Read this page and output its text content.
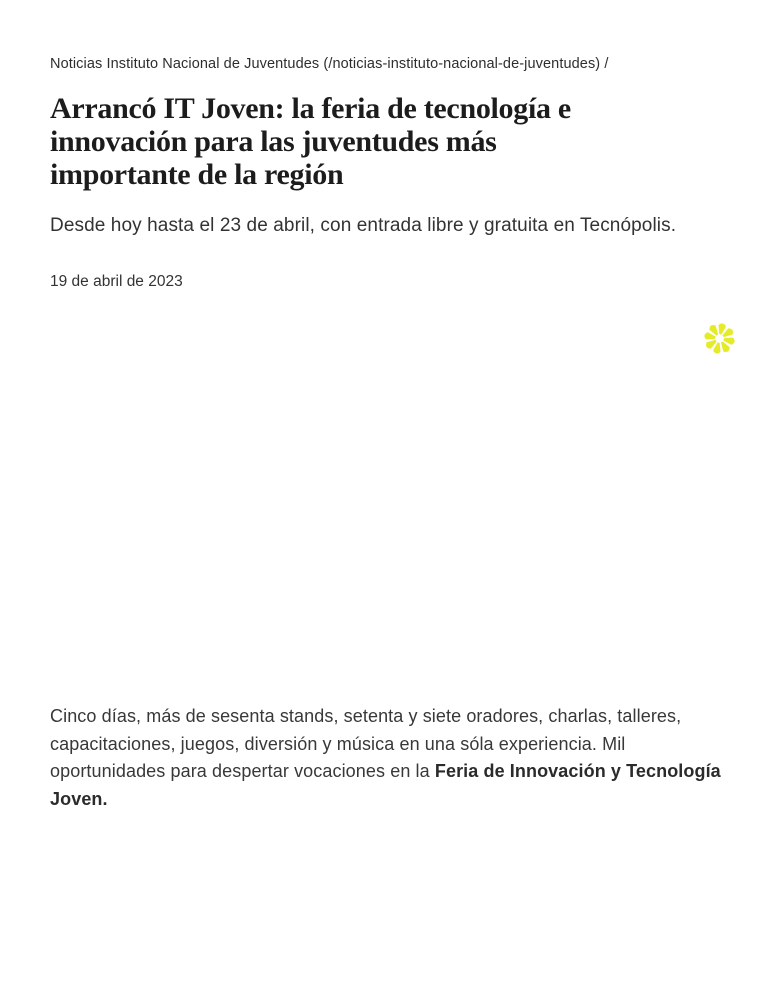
Noticias Instituto Nacional de Juventudes (/noticias-instituto-nacional-de-juventudes) /
Arrancó IT Joven: la feria de tecnología e
innovación para las juventudes más
importante de la región

Desde hoy hasta el 23 de abril, con entrada libre y gratuita en Tecnópolis.

19 de abril de 2023

Cinco días, más de sesenta stands, setenta y siete oradores, charlas, talleres, capacitaciones, juegos, diversión y música en una sóla experiencia. Mil oportunidades para despertar vocaciones en la Feria de Innovación y Tecnología Joven.
